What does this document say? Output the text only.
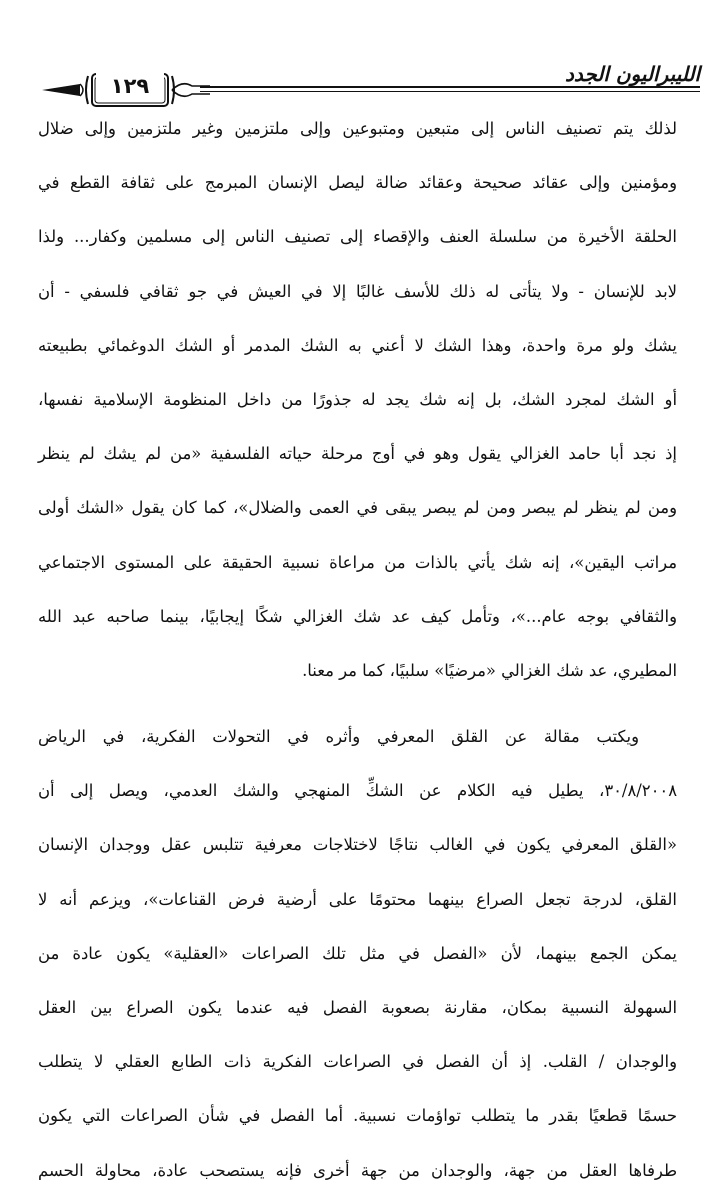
١٢٩	الليبراليون الجدد
لذلك يتم تصنيف الناس إلى متبعين ومتبوعين وإلى ملتزمين وغير ملتزمين وإلى ضلال
ومؤمنين وإلى عقائد صحيحة وعقائد ضالة ليصل الإنسان المبرمج على ثقافة القطع في
الحلقة الأخيرة من سلسلة العنف والإقصاء إلى تصنيف الناس إلى مسلمين وكفار... ولذا
لابد للإنسان - ولا يتأتى له ذلك للأسف غالبًا إلا في العيش في جو ثقافي فلسفي - أن
يشك ولو مرة واحدة، وهذا الشك لا أعني به الشك المدمر أو الشك الدوغمائي بطبيعته
أو الشك لمجرد الشك، بل إنه شك يجد له جذورًا من داخل المنظومة الإسلامية نفسها،
إذ نجد أبا حامد الغزالي يقول وهو في أوج مرحلة حياته الفلسفية «من لم يشك لم ينظر
ومن لم ينظر لم يبصر ومن لم يبصر يبقى في العمى والضلال»، كما كان يقول «الشك أولى
مراتب اليقين»، إنه شك يأتي بالذات من مراعاة نسبية الحقيقة على المستوى الاجتماعي
والثقافي بوجه عام...»، وتأمل كيف عد شك الغزالي شكًا إيجابيًا، بينما صاحبه عبد الله
المطيري، عد شك الغزالي «مرضيًا» سلبيًا، كما مر معنا.
ويكتب مقالة عن القلق المعرفي وأثره في التحولات الفكرية، في الرياض
٣٠/٨/٢٠٠٨، يطيل فيه الكلام عن الشكِّ المنهجي والشك العدمي، ويصل إلى أن
«القلق المعرفي يكون في الغالب نتاجًا لاختلاجات معرفية تتلبس عقل ووجدان الإنسان
القلق، لدرجة تجعل الصراع بينهما محتومًا على أرضية فرض القناعات»، ويزعم أنه لا
يمكن الجمع بينهما، لأن «الفصل في مثل تلك الصراعات «العقلية» يكون عادة من
السهولة النسبية بمكان، مقارنة بصعوبة الفصل فيه عندما يكون الصراع بين العقل
والوجدان / القلب. إذ أن الفصل في الصراعات الفكرية ذات الطابع العقلي لا يتطلب
حسمًا قطعيًا بقدر ما يتطلب تواؤمات نسبية. أما الفصل في شأن الصراعات التي يكون
طرفاها العقل من جهة، والوجدان من جهة أخرى فإنه يستصحب عادة، محاولة الحسم
